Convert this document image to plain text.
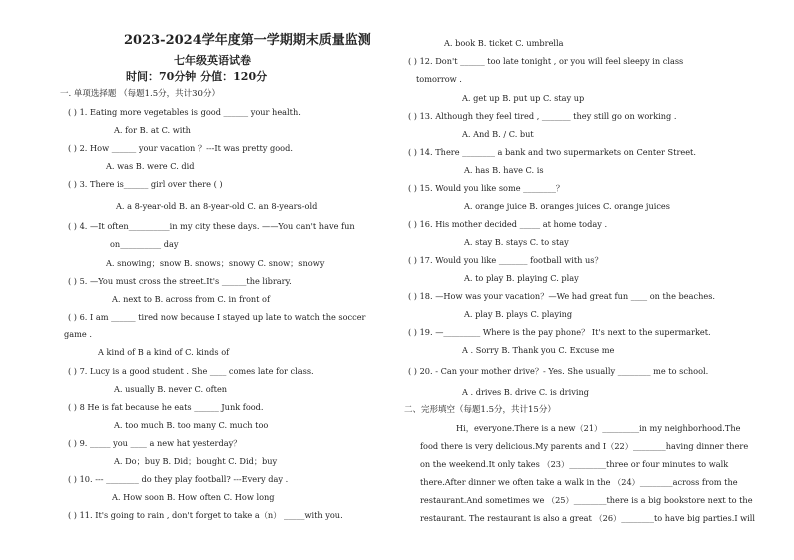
2023-2024学年度第一学期期末质量监测
七年级英语试卷
时间：70分钟 分值：120分
一. 单项选择题 （每题1.5分，共计30分）
( ) 1. Eating more vegetables is good ______ your health.
A. for B. at C. with
( ) 2. How ______ your vacation ？---It was pretty good.
A. was B. were C. did
( ) 3. There is______ girl over there ( )
A. a 8-year-old B. an 8-year-old C. an 8-years-old
( ) 4. —It often__________in my city these days. ——You can't have fun
on__________ day
A. snowing；snow B. snows；snowy C. snow；snowy
( ) 5. —You must cross the street.It's ______the library.
A. next to B. across from C. in front of
( ) 6. I am ______ tired now because I stayed up late to watch the soccer
game .
A kind of B a kind of C. kinds of
( ) 7. Lucy is a good student . She ____ comes late for class.
A. usually B. never C. often
( ) 8 He is fat because he eats ______ Junk food.
A. too much B. too many C. much too
( ) 9. _____ you ____ a new hat yesterday？
A. Do；buy B. Did；bought C. Did；buy
( ) 10. --- ________ do they play football? ---Every day .
A. How soon B. How often C. How long
( ) 11. It's going to rain , don't forget to take a（n） _____with you.
A. book B. ticket C. umbrella
( ) 12. Don't ______ too late tonight , or you will feel sleepy in class
tomorrow .
A. get up B. put up C. stay up
( ) 13. Although they feel tired , _______ they still go on working .
A. And B. / C. but
( ) 14. There ________ a bank and two supermarkets on Center Street.
A. has B. have C. is
( ) 15. Would you like some ________？
A. orange juice B. oranges juices C. orange juices
( ) 16. His mother decided _____ at home today .
A. stay B. stays C. to stay
( ) 17. Would you like _______ football with us？
A. to play B. playing C. play
( ) 18. —How was your vacation？—We had great fun ____ on the beaches.
A. play B. plays C. playing
( ) 19. —_________ Where is the pay phone？ It's next to the supermarket.
A . Sorry B. Thank you C. Excuse me
( ) 20. - Can your mother drive？- Yes. She usually ________ me to school.
A . drives B. drive C. is driving
二、完形填空（每题1.5分，共计15分）
Hi，everyone.There is a new（21）_________in my neighborhood.The
food there is very delicious.My parents and I（22）________having dinner there
on the weekend.It only takes （23）_________three or four minutes to walk
there.After dinner we often take a walk in the （24）________across from the
restaurant.And sometimes we （25）________there is a big bookstore next to the
restaurant. The restaurant is also a great （26）________to have big parties.I will
